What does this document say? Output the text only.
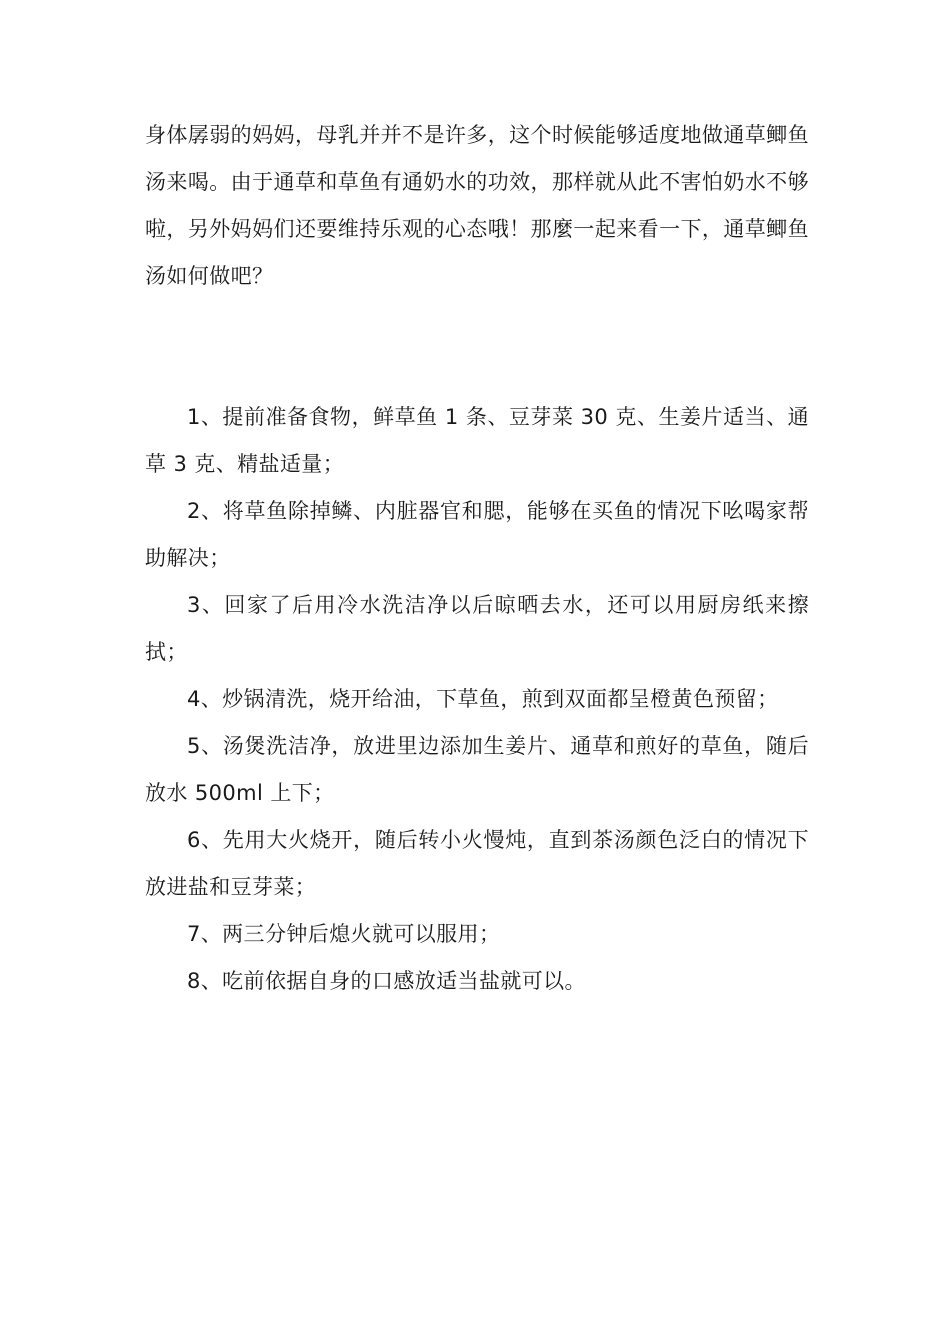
身体孱弱的妈妈，母乳并并不是许多，这个时候能够适度地做通草鲫鱼汤来喝。由于通草和草鱼有通奶水的功效，那样就从此不害怕奶水不够啦，另外妈妈们还要维持乐观的心态哦！那麼一起来看一下，通草鲫鱼汤如何做吧？

1、提前准备食物，鲜草鱼 1 条、豆芽菜 30 克、生姜片适当、通草 3 克、精盐适量；
2、将草鱼除掉鳞、内脏器官和腮，能够在买鱼的情况下吆喝家帮助解决；
3、回家了后用冷水洗洁净以后晾晒去水，还可以用厨房纸来擦拭；
4、炒锅清洗，烧开给油，下草鱼，煎到双面都呈橙黄色预留；
5、汤煲洗洁净，放进里边添加生姜片、通草和煎好的草鱼，随后放水 500ml 上下；
6、先用大火烧开，随后转小火慢炖，直到茶汤颜色泛白的情况下放进盐和豆芽菜；
7、两三分钟后熄火就可以服用；
8、吃前依据自身的口感放适当盐就可以。
